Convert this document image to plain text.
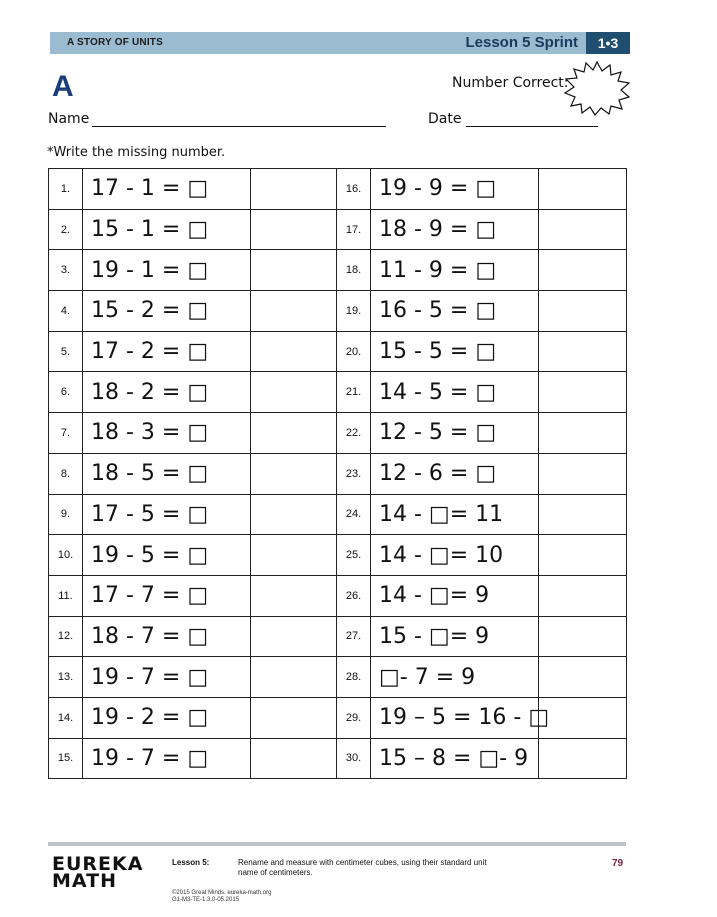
A STORY OF UNITS	Lesson 5 Sprint	1•3
A	Number Correct:
Name	Date
*Write the missing number.
1.	17 - 1 = □		16.	19 - 9 = □	
2.	15 - 1 = □		17.	18 - 9 = □	
3.	19 - 1 = □		18.	11 - 9 = □	
4.	15 - 2 = □		19.	16 - 5 = □	
5.	17 - 2 = □		20.	15 - 5 = □	
6.	18 - 2 = □		21.	14 - 5 = □	
7.	18 - 3 = □		22.	12 - 5 = □	
8.	18 - 5 = □		23.	12 - 6 = □	
9.	17 - 5 = □		24.	14 - □= 11	
10.	19 - 5 = □		25.	14 - □= 10	
11.	17 - 7 = □		26.	14 - □= 9	
12.	18 - 7 = □		27.	15 - □= 9	
13.	19 - 7 = □		28.	□- 7 = 9	
14.	19 - 2 = □		29.	19 – 5 = 16 - □	
15.	19 - 7 = □		30.	15 – 8 = □- 9	
EUREKA
MATH
Lesson 5:	Rename and measure with centimeter cubes, using their standard unit name of centimeters.
©2015 Great Minds. eureka-math.org
G1-M3-TE-1.3.0-05.2015
79
